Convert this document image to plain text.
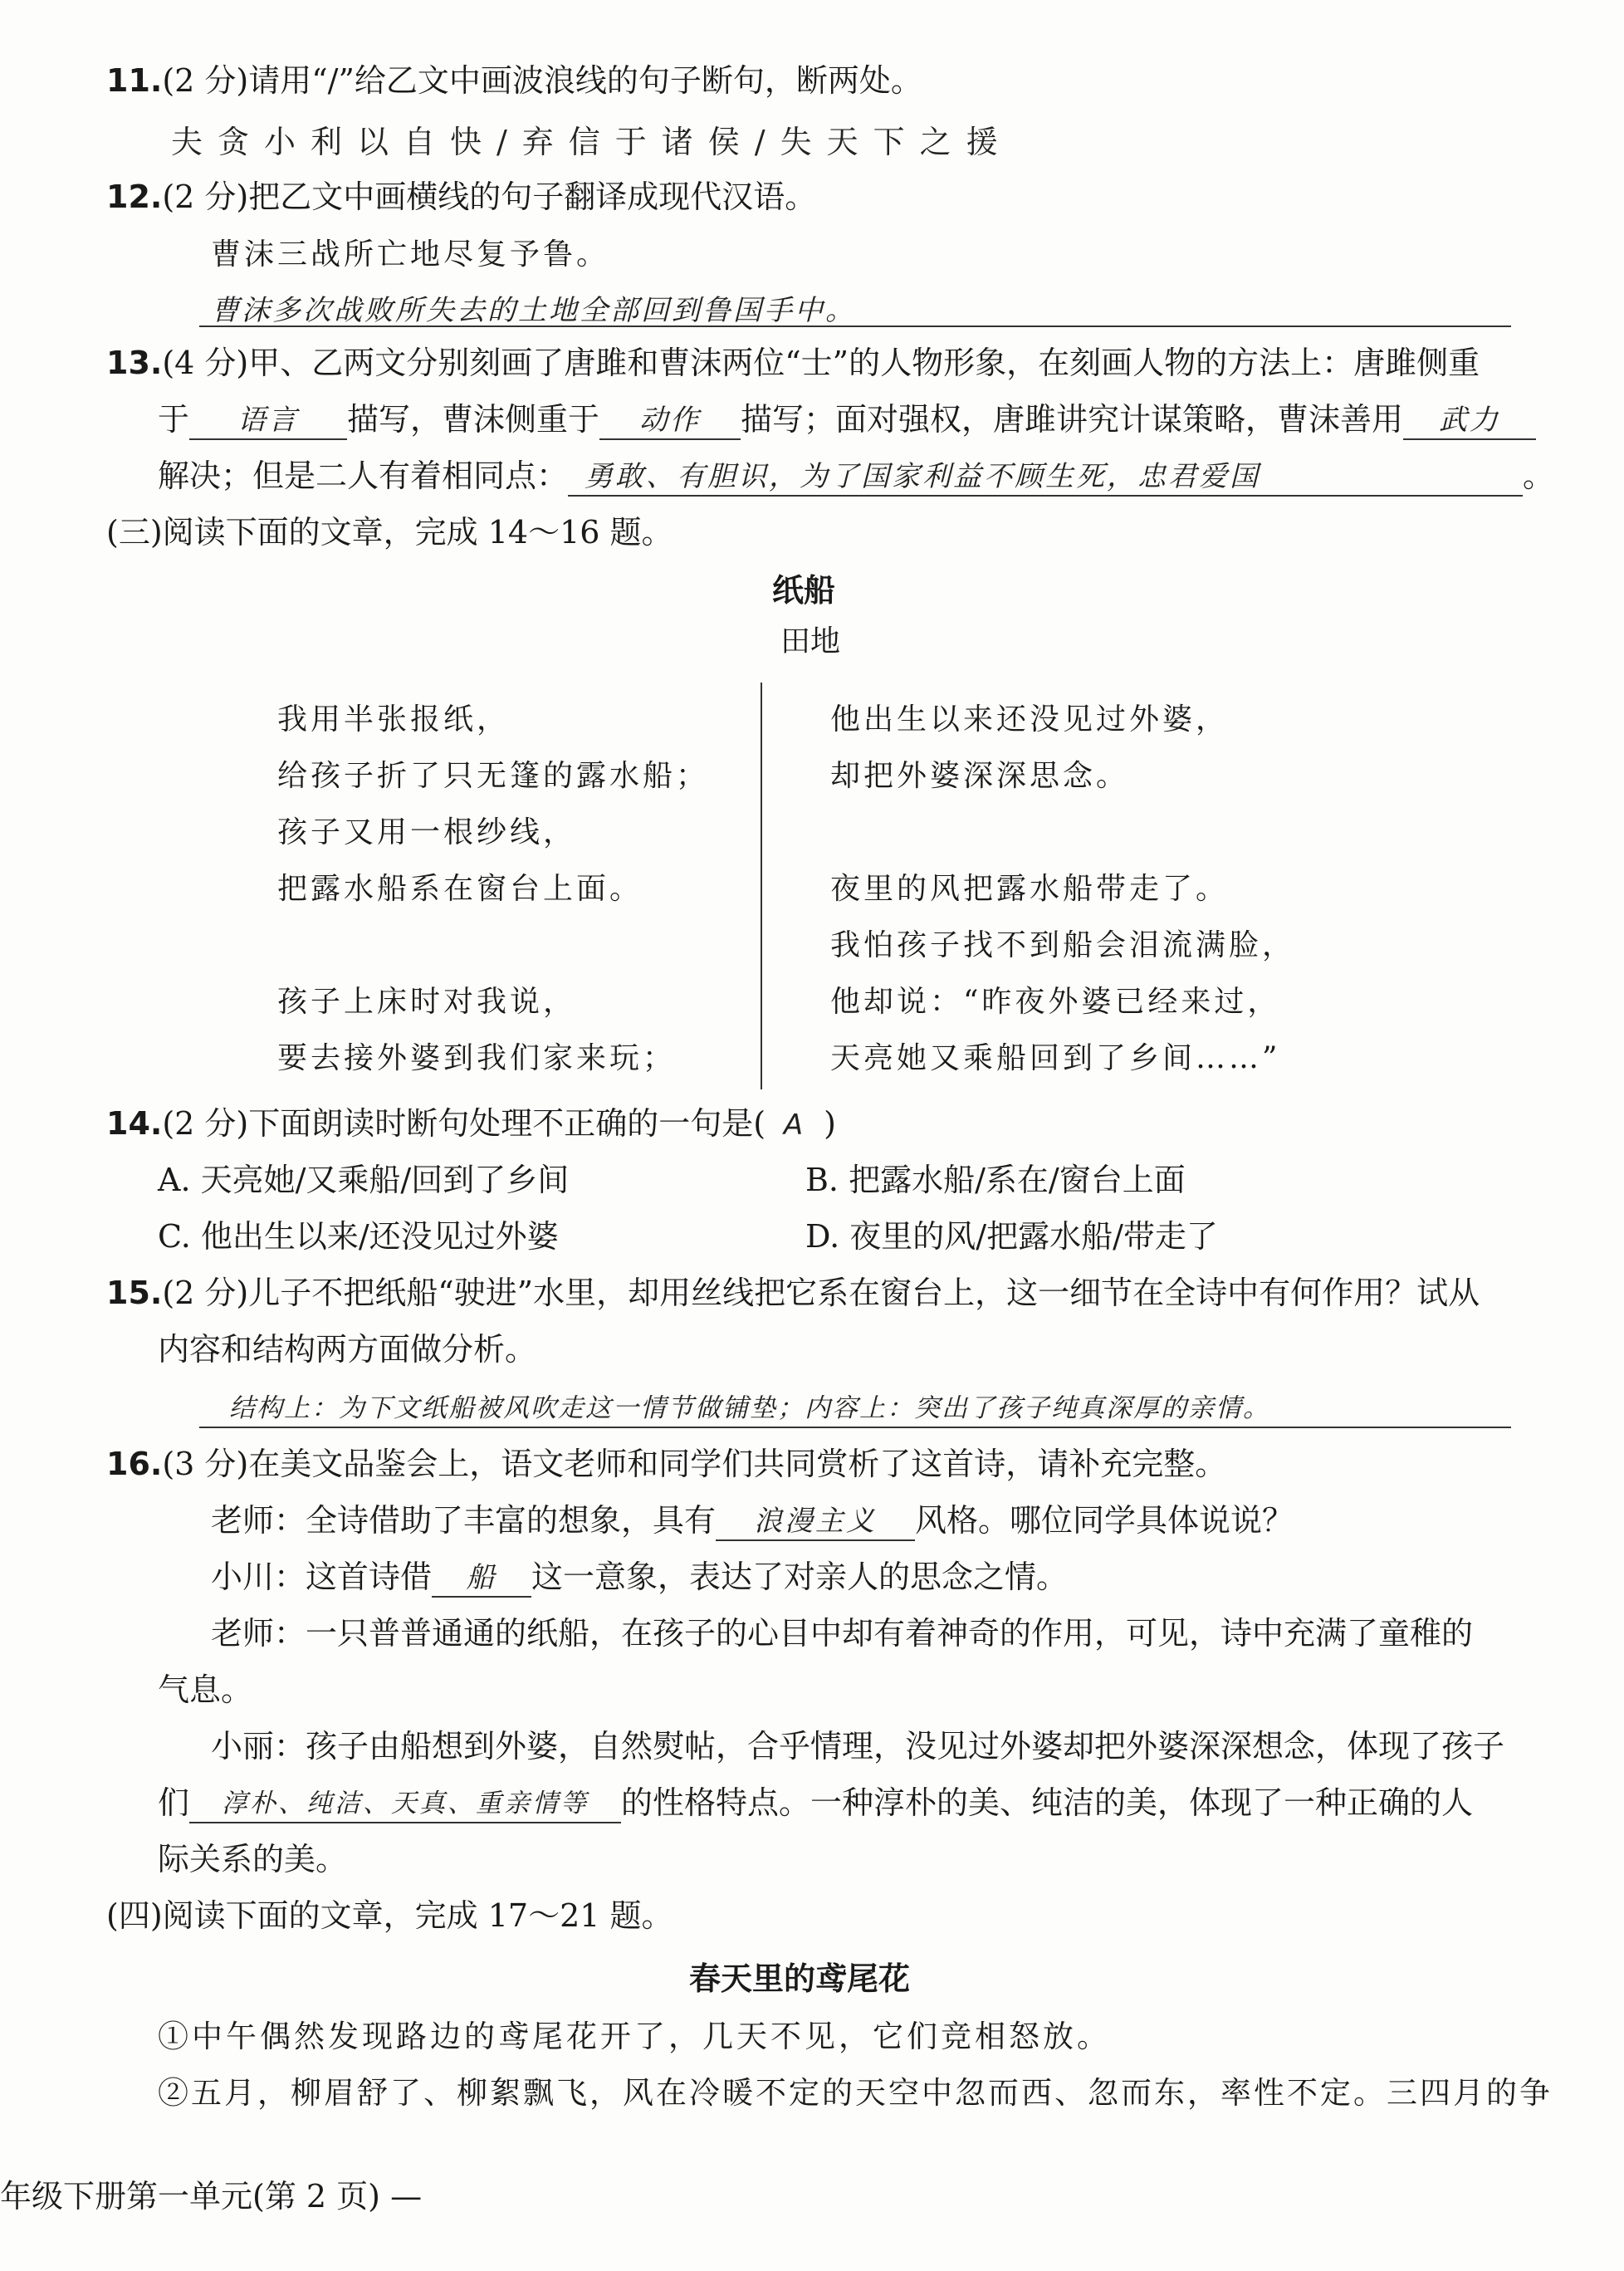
11.(2 分)请用“/”给乙文中画波浪线的句子断句，断两处。
夫贪小利以自快/弃信于诸侯/失天下之援
12.(2 分)把乙文中画横线的句子翻译成现代汉语。
曹沫三战所亡地尽复予鲁。
曹沫多次战败所失去的土地全部回到鲁国手中。
13.(4 分)甲、乙两文分别刻画了唐雎和曹沫两位“士”的人物形象，在刻画人物的方法上：唐雎侧重
于 语言 描写，曹沫侧重于 动作 描写；面对强权，唐雎讲究计谋策略，曹沫善用 武力
解决；但是二人有着相同点： 勇敢、有胆识，为了国家利益不顾生死，忠君爱国	。
(三)阅读下面的文章，完成 14～16 题。
纸船
田地
我用半张报纸，
给孩子折了只无篷的露水船；
孩子又用一根纱线，
把露水船系在窗台上面。
孩子上床时对我说，
要去接外婆到我们家来玩；
他出生以来还没见过外婆，
却把外婆深深思念。
夜里的风把露水船带走了。
我怕孩子找不到船会泪流满脸，
他却说：“昨夜外婆已经来过，
天亮她又乘船回到了乡间……”
14.(2 分)下面朗读时断句处理不正确的一句是( A )
A. 天亮她/又乘船/回到了乡间	B. 把露水船/系在/窗台上面
C. 他出生以来/还没见过外婆	D. 夜里的风/把露水船/带走了
15.(2 分)儿子不把纸船“驶进”水里，却用丝线把它系在窗台上，这一细节在全诗中有何作用？试从
内容和结构两方面做分析。
结构上：为下文纸船被风吹走这一情节做铺垫；内容上：突出了孩子纯真深厚的亲情。
16.(3 分)在美文品鉴会上，语文老师和同学们共同赏析了这首诗，请补充完整。
老师：全诗借助了丰富的想象，具有 浪漫主义 风格。哪位同学具体说说？
小川：这首诗借 船 这一意象，表达了对亲人的思念之情。
老师：一只普普通通的纸船，在孩子的心目中却有着神奇的作用，可见，诗中充满了童稚的
气息。
小丽：孩子由船想到外婆，自然熨帖，合乎情理，没见过外婆却把外婆深深想念，体现了孩子
们 淳朴、纯洁、天真、重亲情等 的性格特点。一种淳朴的美、纯洁的美，体现了一种正确的人
际关系的美。
(四)阅读下面的文章，完成 17～21 题。
春天里的鸢尾花
①中午偶然发现路边的鸢尾花开了，几天不见，它们竞相怒放。
②五月，柳眉舒了、柳絮飘飞，风在冷暖不定的天空中忽而西、忽而东，率性不定。三四月的争
年级下册第一单元(第 2 页) —
